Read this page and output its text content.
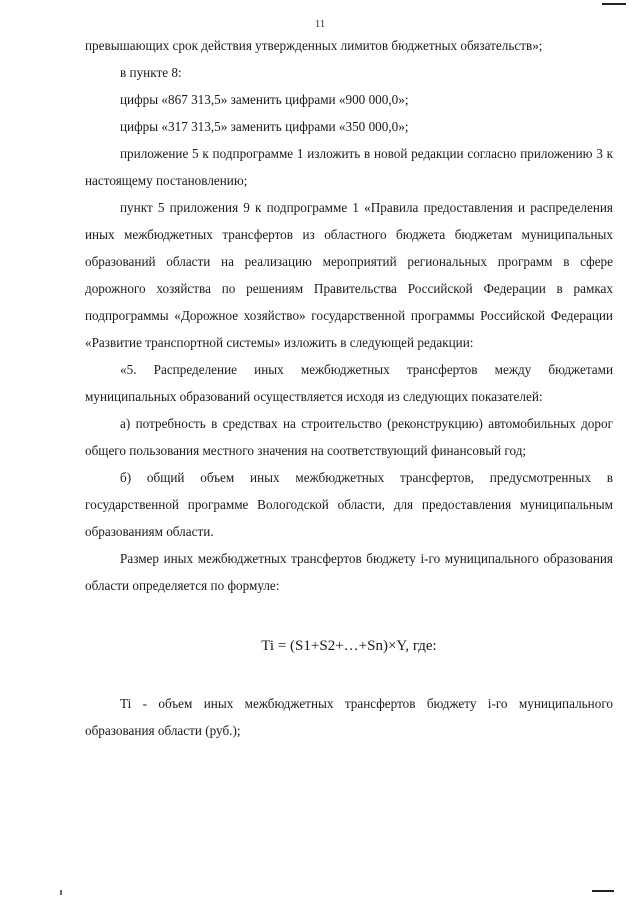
11

превышающих срок действия утвержденных лимитов бюджетных обязательств»;

в пункте 8:

цифры «867 313,5» заменить цифрами «900 000,0»;

цифры «317 313,5» заменить цифрами «350 000,0»;

приложение 5 к подпрограмме 1 изложить в новой редакции согласно приложению 3 к настоящему постановлению;

пункт 5 приложения 9 к подпрограмме 1 «Правила предоставления и распределения иных межбюджетных трансфертов из областного бюджета бюджетам муниципальных образований области на реализацию мероприятий региональных программ в сфере дорожного хозяйства по решениям Правительства Российской Федерации в рамках подпрограммы «Дорожное хозяйство» государственной программы Российской Федерации «Развитие транспортной системы» изложить в следующей редакции:

«5. Распределение иных межбюджетных трансфертов между бюджетами муниципальных образований осуществляется исходя из следующих показателей:

а) потребность в средствах на строительство (реконструкцию) автомобильных дорог общего пользования местного значения на соответствующий финансовый год;

б) общий объем иных межбюджетных трансфертов, предусмотренных в государственной программе Вологодской области, для предоставления муниципальным образованиям области.

Размер иных межбюджетных трансфертов бюджету i-го муниципального образования области определяется по формуле:

Ti = (S1+S2+…+Sn)×Y, где:

Ti - объем иных межбюджетных трансфертов бюджету i-го муниципального образования области (руб.);
